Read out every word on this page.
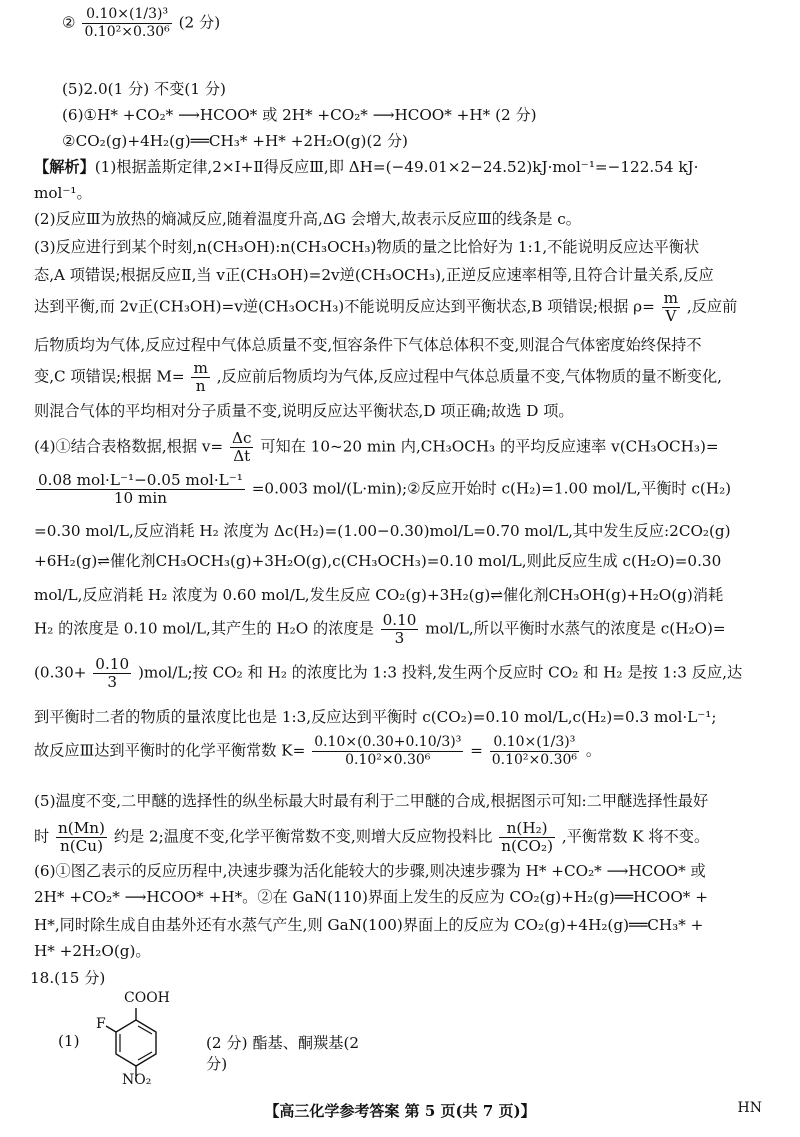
② $\frac{\text{0.10×(1/3)³}}{\text{0.10²×0.30⁶}} (2$ 分)
(5)2.0(1 分) 不变(1 分)
(6)①H* +CO₂* ⟶HCOO* 或 2H* +CO₂* ⟶HCOO* +H* (2 分)
②CO₂(g)+4H₂(g)══CH₃* +H* +2H₂O(g)(2 分)
【解析】(1)根据盖斯定律,2×Ⅰ+Ⅱ得反应Ⅲ,即 ΔH=(−49.01×2−24.52)kJ·mol⁻¹=−122.54 kJ·
mol⁻¹。
(2)反应Ⅲ为放热的熵减反应,随着温度升高,ΔG 会增大,故表示反应Ⅲ的线条是 c。
(3)反应进行到某个时刻,n(CH₃OH):n(CH₃OCH₃)物质的量之比恰好为 1:1,不能说明反应达平衡状
态,A 项错误;根据反应Ⅱ,当 v正(CH₃OH)=2v逆(CH₃OCH₃),正逆反应速率相等,且符合计量关系,反应
达到平衡,而 2v正(CH₃OH)=v逆(CH₃OCH₃)不能说明反应达到平衡状态,B 项错误;根据 $\rho= \frac{m}{V}$ ,反应前
后物质均为气体,反应过程中气体总质量不变,恒容条件下气体总体积不变,则混合气体密度始终保持不
变,C 项错误;根据 $M= \frac{m}{n}$ ,反应前后物质均为气体,反应过程中气体总质量不变,气体物质的量不断变化,
则混合气体的平均相对分子质量不变,说明反应达平衡状态,D 项正确;故选 D 项。
(4)①结合表格数据,根据 $v= \frac{\Delta c}{\Delta t}$ 可知在 10~20 min 内,CH₃OCH₃ 的平均反应速率 v(CH₃OCH₃)=
$\frac{\text{0.08 mol·L⁻¹−0.05 mol·L⁻¹}}{10 \min} =0.003$ mol/(L·min);②反应开始时 c(H₂)=1.00 mol/L,平衡时 c(H₂)
=0.30 mol/L,反应消耗 H₂ 浓度为 Δc(H₂)=(1.00−0.30)mol/L=0.70 mol/L,其中发生反应:2CO₂(g)
+6H₂(g)⇌催化剂CH₃OCH₃(g)+3H₂O(g),c(CH₃OCH₃)=0.10 mol/L,则此反应生成 c(H₂O)=0.30
mol/L,反应消耗 H₂ 浓度为 0.60 mol/L,发生反应 CO₂(g)+3H₂(g)⇌催化剂CH₃OH(g)+H₂O(g)消耗
H₂ 的浓度是 0.10 mol/L,其产生的 H₂O 的浓度是 $\frac{0.10}{3} mol/L$,所以平衡时水蒸气的浓度是 c(H₂O)=
$(0.30+ \frac{0.10}{3} )mol/L$;按 CO₂ 和 H₂ 的浓度比为 1:3 投料,发生两个反应时 CO₂ 和 H₂ 是按 1:3 反应,达
到平衡时二者的物质的量浓度比也是 1:3,反应达到平衡时 c(CO₂)=0.10 mol/L,c(H₂)=0.3 mol·L⁻¹;
故反应Ⅲ达到平衡时的化学平衡常数 $K= \frac{\text{0.10×(0.30+0.10/3)³}}{\text{0.10²×0.30⁶}} = \frac{\text{0.10×(1/3)³}}{\text{0.10²×0.30⁶}}$ 。
(5)温度不变,二甲醚的选择性的纵坐标最大时最有利于二甲醚的合成,根据图示可知:二甲醚选择性最好
时 $\frac{n(Mn)}{n(Cu)}$ 约是 2;温度不变,化学平衡常数不变,则增大反应物投料比 $\frac{\text{n(H₂)}}{\text{n(CO₂)}}$ ,平衡常数 K 将不变。
(6)①图乙表示的反应历程中,决速步骤为活化能较大的步骤,则决速步骤为 H* +CO₂* ⟶HCOO* 或
2H* +CO₂* ⟶HCOO* +H*。②在 GaN(110)界面上发生的反应为 CO₂(g)+H₂(g)══HCOO* +
H*,同时除生成自由基外还有水蒸气产生,则 GaN(100)界面上的反应为 CO₂(g)+4H₂(g)══CH₃* +
H* +2H₂O(g)。
18.(15 分)
(1)
COOH
F
NO₂
(2 分) 酯基、酮羰基(2 分)
【高三化学参考答案 第 5 页(共 7 页)】	HN
